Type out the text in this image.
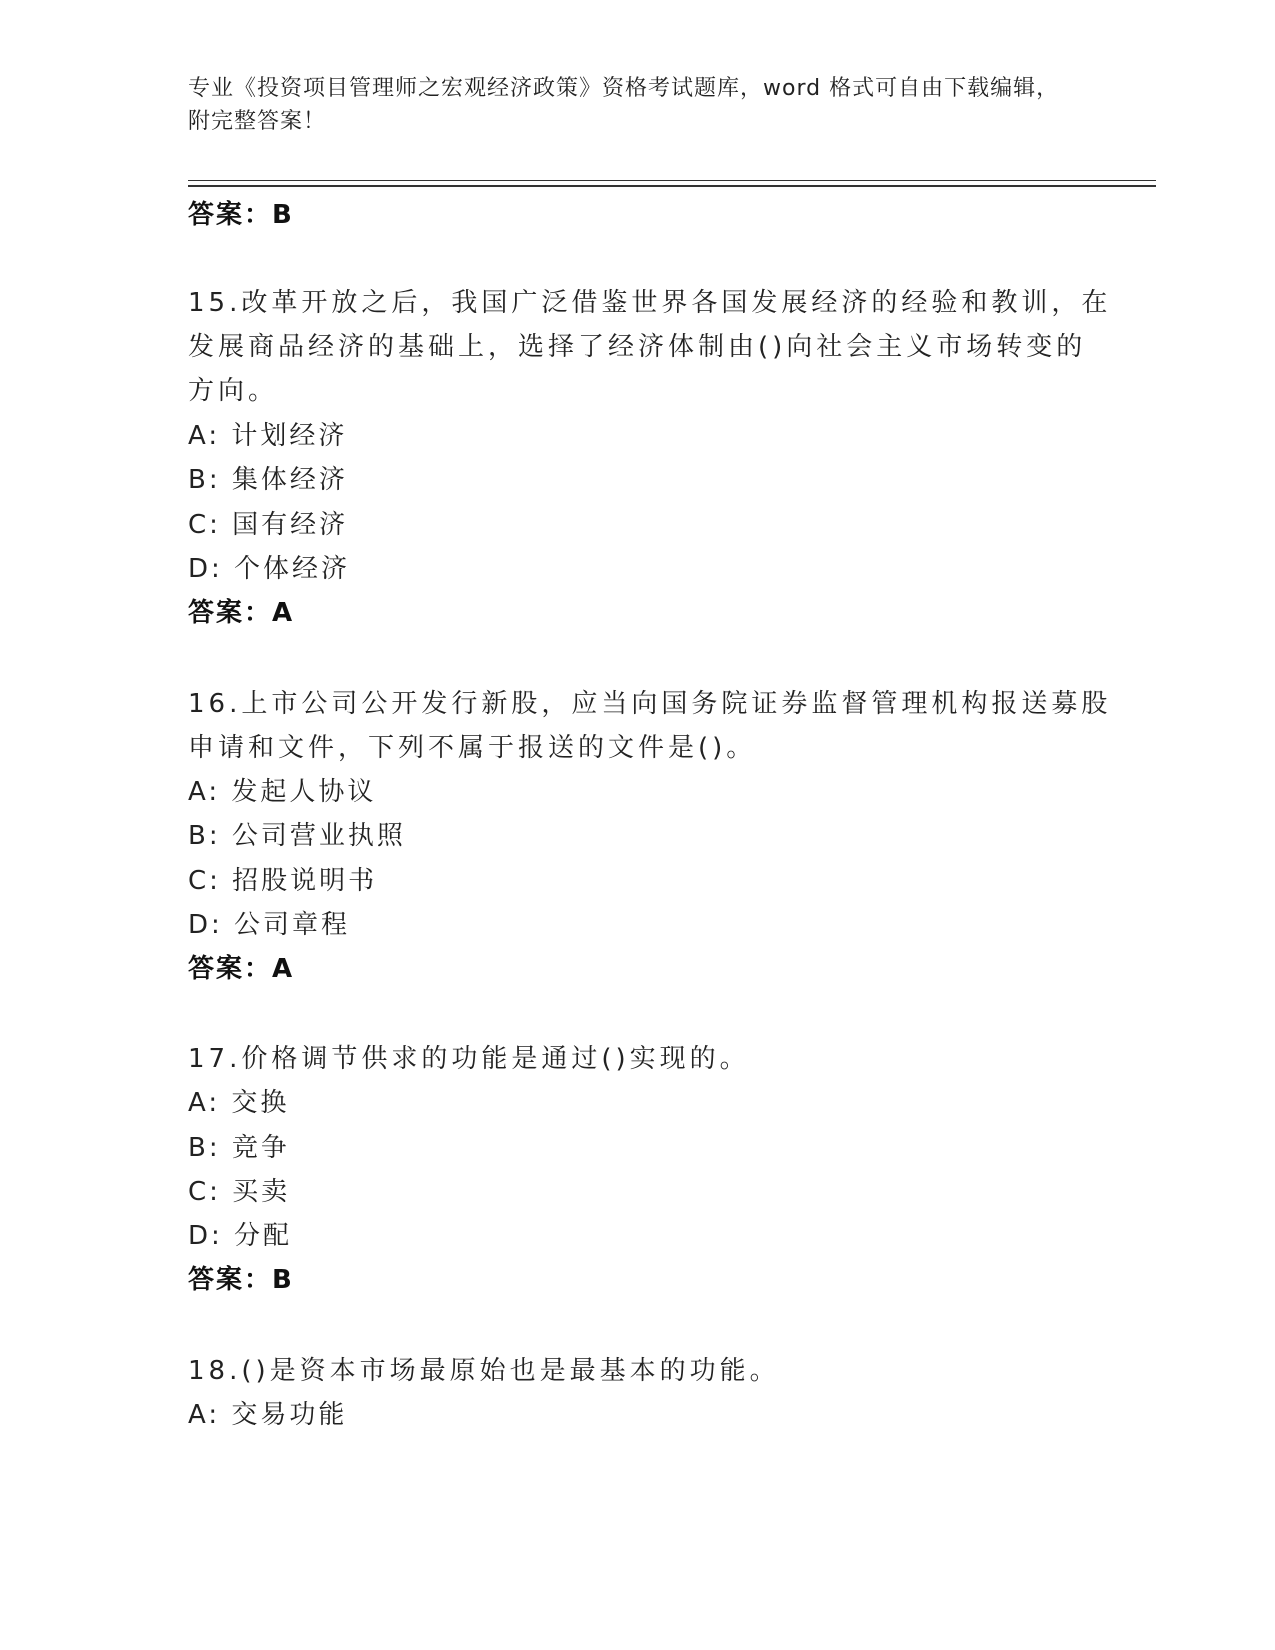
专业《投资项目管理师之宏观经济政策》资格考试题库，word 格式可自由下载编辑，附完整答案！
答案：B
15.改革开放之后，我国广泛借鉴世界各国发展经济的经验和教训，在
发展商品经济的基础上，选择了经济体制由()向社会主义市场转变的
方向。
A: 计划经济
B: 集体经济
C: 国有经济
D: 个体经济
答案：A
16.上市公司公开发行新股，应当向国务院证券监督管理机构报送募股
申请和文件，下列不属于报送的文件是()。
A: 发起人协议
B: 公司营业执照
C: 招股说明书
D: 公司章程
答案：A
17.价格调节供求的功能是通过()实现的。
A: 交换
B: 竞争
C: 买卖
D: 分配
答案：B
18.()是资本市场最原始也是最基本的功能。
A: 交易功能
